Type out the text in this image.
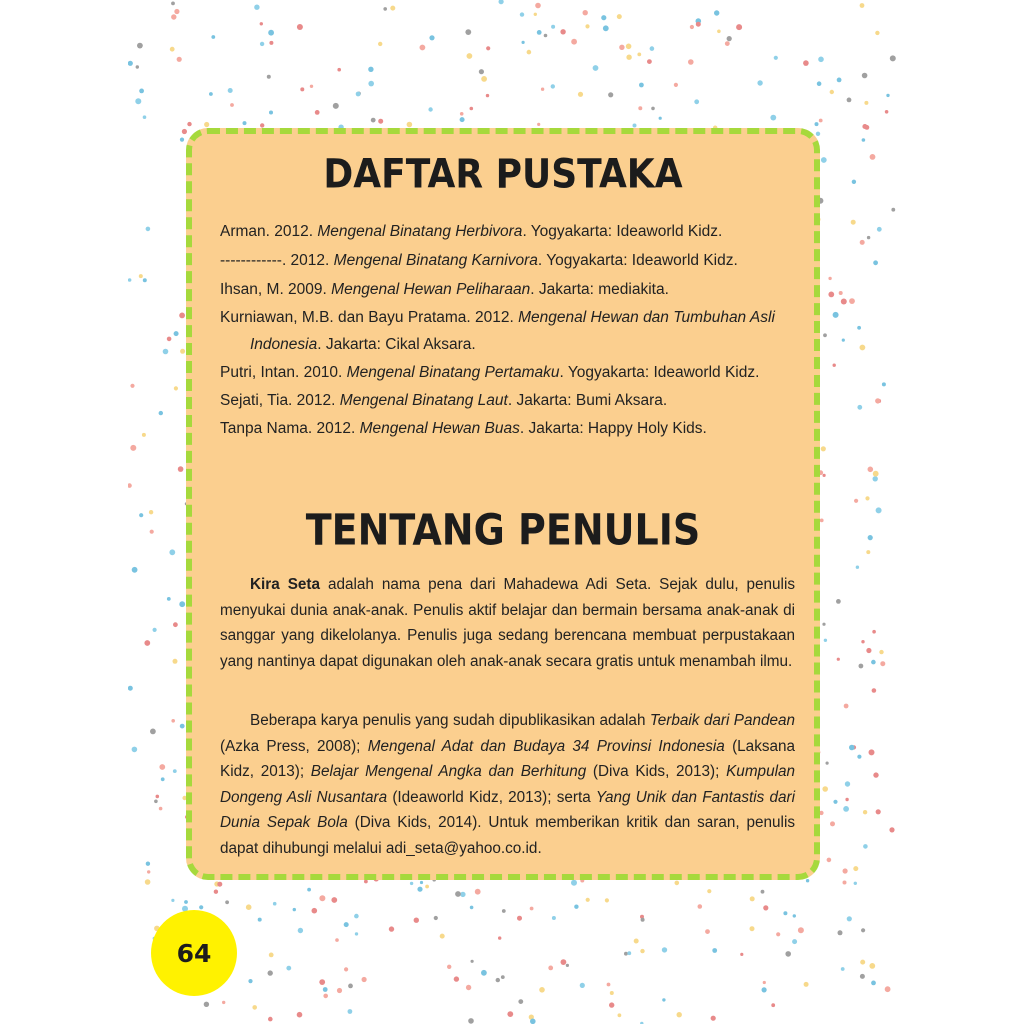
DAFTAR PUSTAKA
Arman. 2012. Mengenal Binatang Herbivora. Yogyakarta: Ideaworld Kidz.
------------. 2012. Mengenal Binatang Karnivora. Yogyakarta: Ideaworld Kidz.
Ihsan, M. 2009. Mengenal Hewan Peliharaan. Jakarta: mediakita.
Kurniawan, M.B. dan Bayu Pratama. 2012. Mengenal Hewan dan Tumbuhan Asli
Indonesia. Jakarta: Cikal Aksara.
Putri, Intan. 2010. Mengenal Binatang Pertamaku. Yogyakarta: Ideaworld Kidz.
Sejati, Tia. 2012. Mengenal Binatang Laut. Jakarta: Bumi Aksara.
Tanpa Nama. 2012. Mengenal Hewan Buas. Jakarta: Happy Holy Kids.
TENTANG PENULIS
Kira Seta adalah nama pena dari Mahadewa Adi Seta. Sejak dulu, penulis menyukai dunia anak-anak. Penulis aktif belajar dan bermain bersama anak-anak di sanggar yang dikelolanya. Penulis juga sedang berencana membuat perpustakaan yang nantinya dapat digunakan oleh anak-anak secara gratis untuk menambah ilmu.
Beberapa karya penulis yang sudah dipublikasikan adalah Terbaik dari Pandean (Azka Press, 2008); Mengenal Adat dan Budaya 34 Provinsi Indonesia (Laksana Kidz, 2013); Belajar Mengenal Angka dan Berhitung (Diva Kids, 2013); Kumpulan Dongeng Asli Nusantara (Ideaworld Kidz, 2013); serta Yang Unik dan Fantastis dari Dunia Sepak Bola (Diva Kids, 2014). Untuk memberikan kritik dan saran, penulis dapat dihubungi melalui adi_seta@yahoo.co.id.
64
